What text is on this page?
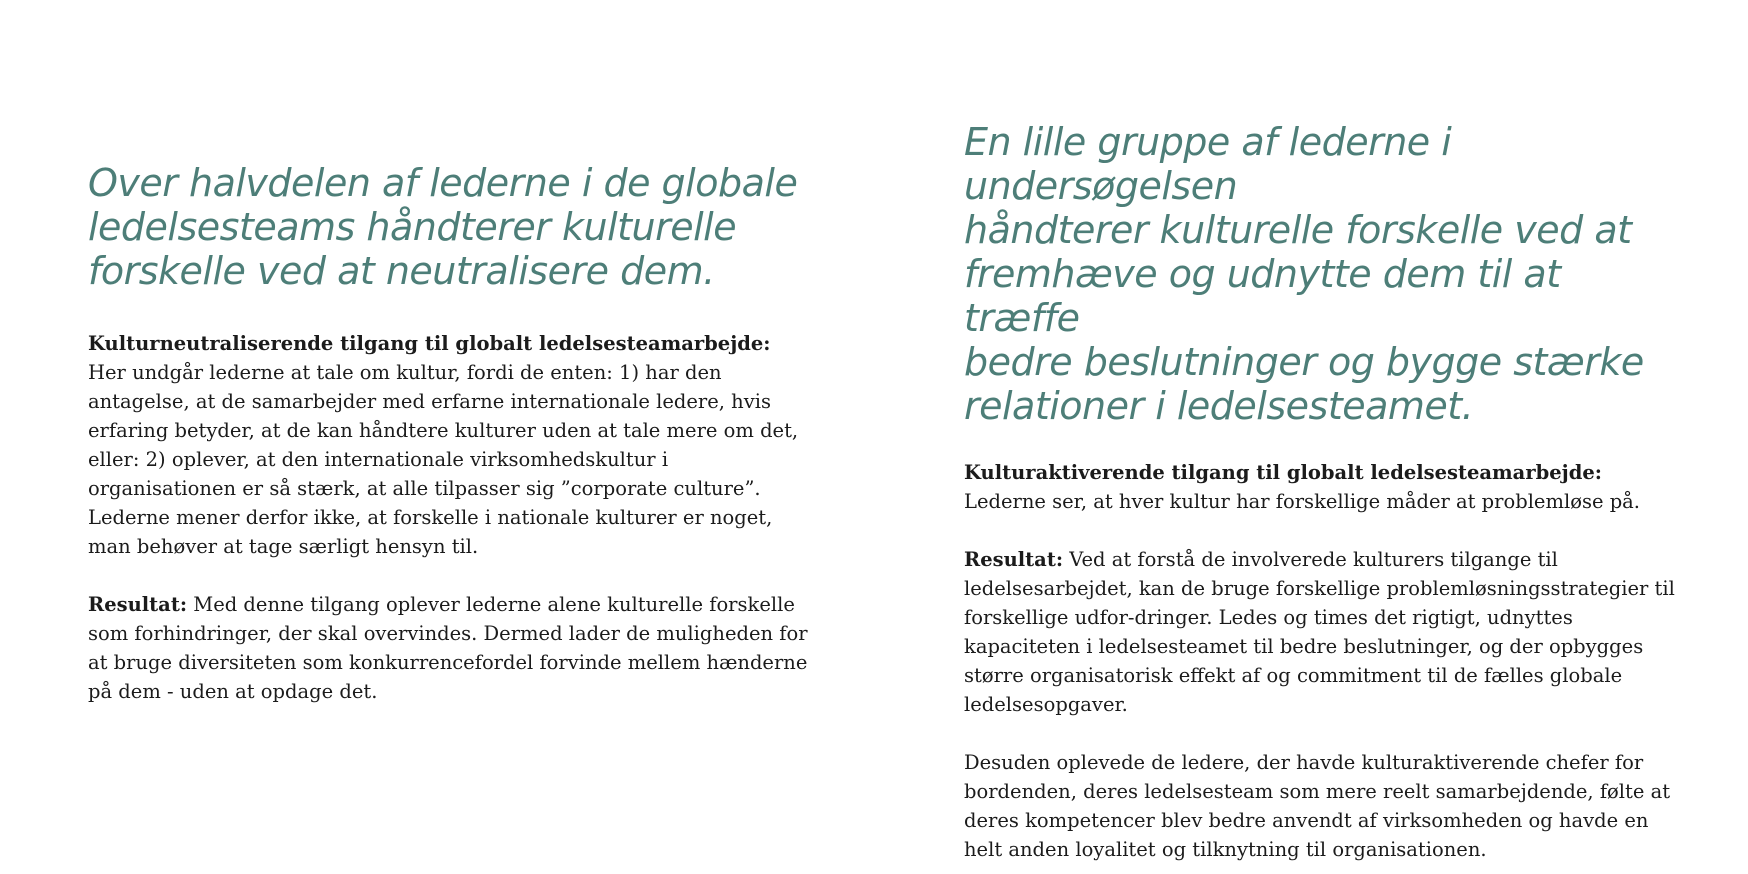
Over halvdelen af lederne i de globale
ledelsesteams håndterer kulturelle
forskelle ved at neutralisere dem.
Kulturneutraliserende tilgang til globalt ledelsesteamarbejde:
Her undgår lederne at tale om kultur, fordi de enten: 1) har den antagelse, at de samarbejder med erfarne internationale ledere, hvis erfaring betyder, at de kan håndtere kulturer uden at tale mere om det, eller: 2) oplever, at den internationale virksomhedskultur i organisationen er så stærk, at alle tilpasser sig ”corporate culture”. Lederne mener derfor ikke, at forskelle i nationale kulturer er noget, man behøver at tage særligt hensyn til.

Resultat: Med denne tilgang oplever lederne alene kulturelle forskelle som forhindringer, der skal overvindes. Dermed lader de muligheden for at bruge diversiteten som konkurrencefordel forvinde mellem hænderne på dem - uden at opdage det.

En lille gruppe af lederne i undersøgelsen
håndterer kulturelle forskelle ved at
fremhæve og udnytte dem til at træffe
bedre beslutninger og bygge stærke
relationer i ledelsesteamet.
Kulturaktiverende tilgang til globalt ledelsesteamarbejde:
Lederne ser, at hver kultur har forskellige måder at problemløse på.

Resultat: Ved at forstå de involverede kulturers tilgange til ledelsesarbejdet, kan de bruge forskellige problemløsningsstrategier til forskellige udfor-dringer. Ledes og times det rigtigt, udnyttes kapaciteten i ledelsesteamet til bedre beslutninger, og der opbygges større organisatorisk effekt af og commitment til de fælles globale ledelsesopgaver.

Desuden oplevede de ledere, der havde kulturaktiverende chefer for bordenden, deres ledelsesteam som mere reelt samarbejdende, følte at deres kompetencer blev bedre anvendt af virksomheden og havde en helt anden loyalitet og tilknytning til organisationen.
